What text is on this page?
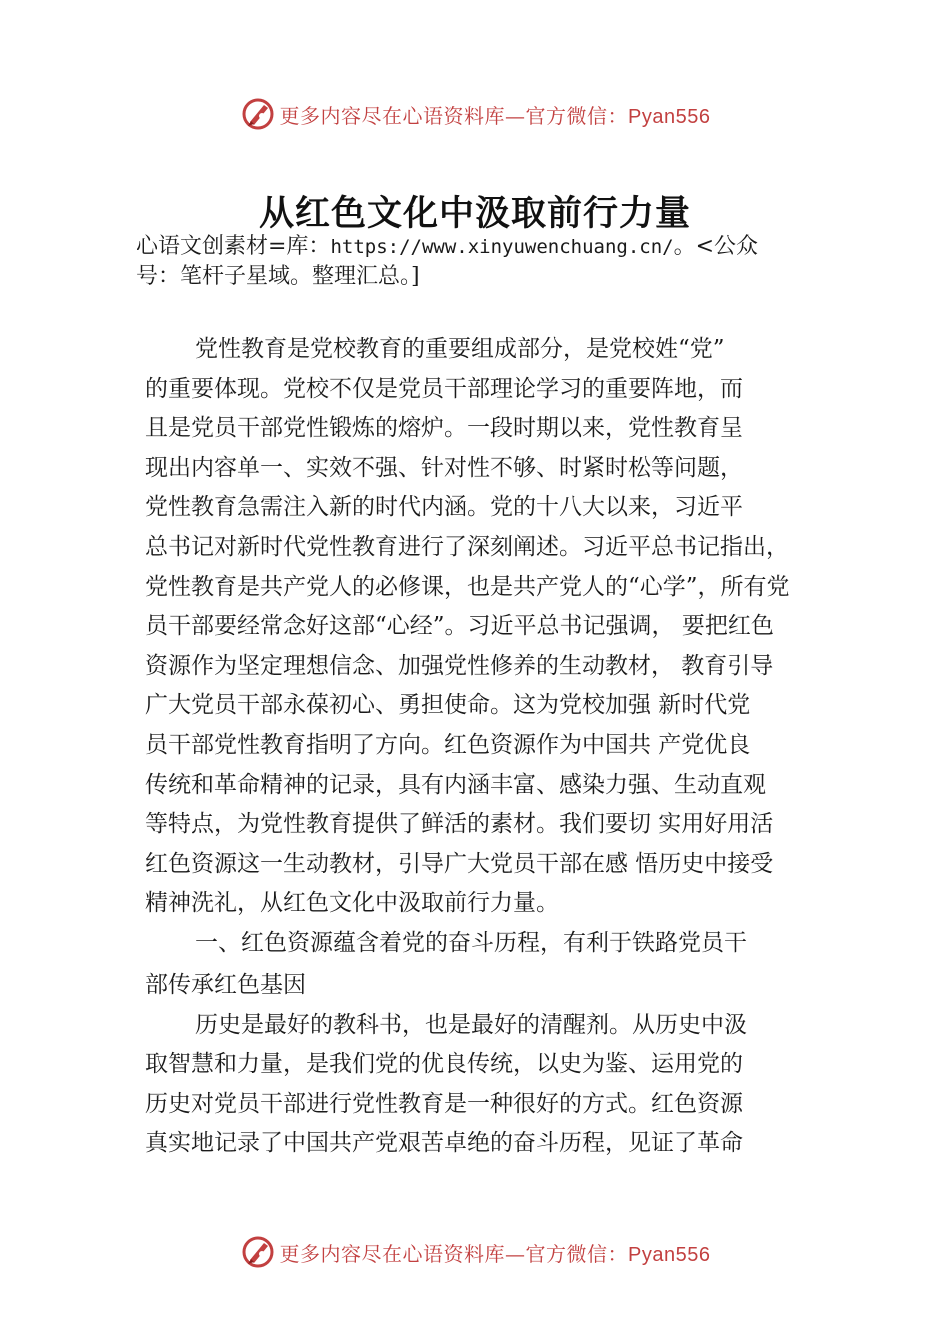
更多内容尽在心语资料库—官方微信：Pyan556
从红色文化中汲取前行力量
心语文创素材=库：https://www.xinyuwenchuang.cn/。<公众
号：笔杆子星域。整理汇总。]
党性教育是党校教育的重要组成部分，是党校姓“党”
的重要体现。党校不仅是党员干部理论学习的重要阵地，而
且是党员干部党性锻炼的熔炉。一段时期以来，党性教育呈
现出内容单一、实效不强、针对性不够、时紧时松等问题，
党性教育急需注入新的时代内涵。党的十八大以来，习近平
总书记对新时代党性教育进行了深刻阐述。习近平总书记指出，
党性教育是共产党人的必修课，也是共产党人的“心学”，所有党
员干部要经常念好这部“心经”。习近平总书记强调， 要把红色
资源作为坚定理想信念、加强党性修养的生动教材， 教育引导
广大党员干部永葆初心、勇担使命。这为党校加强 新时代党
员干部党性教育指明了方向。红色资源作为中国共 产党优良
传统和革命精神的记录，具有内涵丰富、感染力强、生动直观
等特点，为党性教育提供了鲜活的素材。我们要切 实用好用活
红色资源这一生动教材，引导广大党员干部在感 悟历史中接受
精神洗礼，从红色文化中汲取前行力量。
一、红色资源蕴含着党的奋斗历程，有利于铁路党员干
部传承红色基因
历史是最好的教科书，也是最好的清醒剂。从历史中汲
取智慧和力量，是我们党的优良传统，以史为鉴、运用党的
历史对党员干部进行党性教育是一种很好的方式。红色资源
真实地记录了中国共产党艰苦卓绝的奋斗历程，见证了革命
更多内容尽在心语资料库—官方微信：Pyan556
